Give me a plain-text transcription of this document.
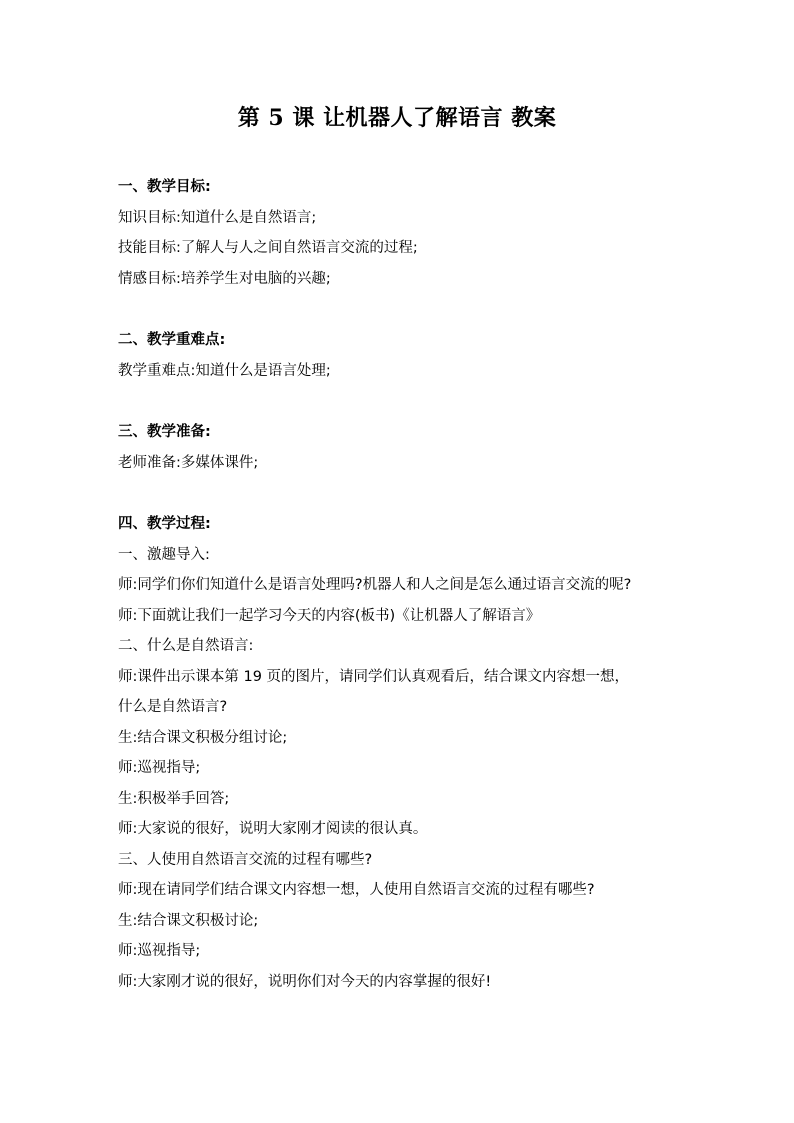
第 5 课 让机器人了解语言 教案
一、教学目标:
知识目标:知道什么是自然语言;
技能目标:了解人与人之间自然语言交流的过程;
情感目标:培养学生对电脑的兴趣;
二、教学重难点:
教学重难点:知道什么是语言处理;
三、教学准备:
老师准备:多媒体课件;
四、教学过程:
一、激趣导入:
师:同学们你们知道什么是语言处理吗?机器人和人之间是怎么通过语言交流的呢?
师:下面就让我们一起学习今天的内容(板书)《让机器人了解语言》
二、什么是自然语言:
师:课件出示课本第 19 页的图片，请同学们认真观看后，结合课文内容想一想，
什么是自然语言?
生:结合课文积极分组讨论;
师:巡视指导;
生:积极举手回答;
师:大家说的很好，说明大家刚才阅读的很认真。
三、人使用自然语言交流的过程有哪些?
师:现在请同学们结合课文内容想一想，人使用自然语言交流的过程有哪些?
生:结合课文积极讨论;
师:巡视指导;
师:大家刚才说的很好，说明你们对今天的内容掌握的很好!
